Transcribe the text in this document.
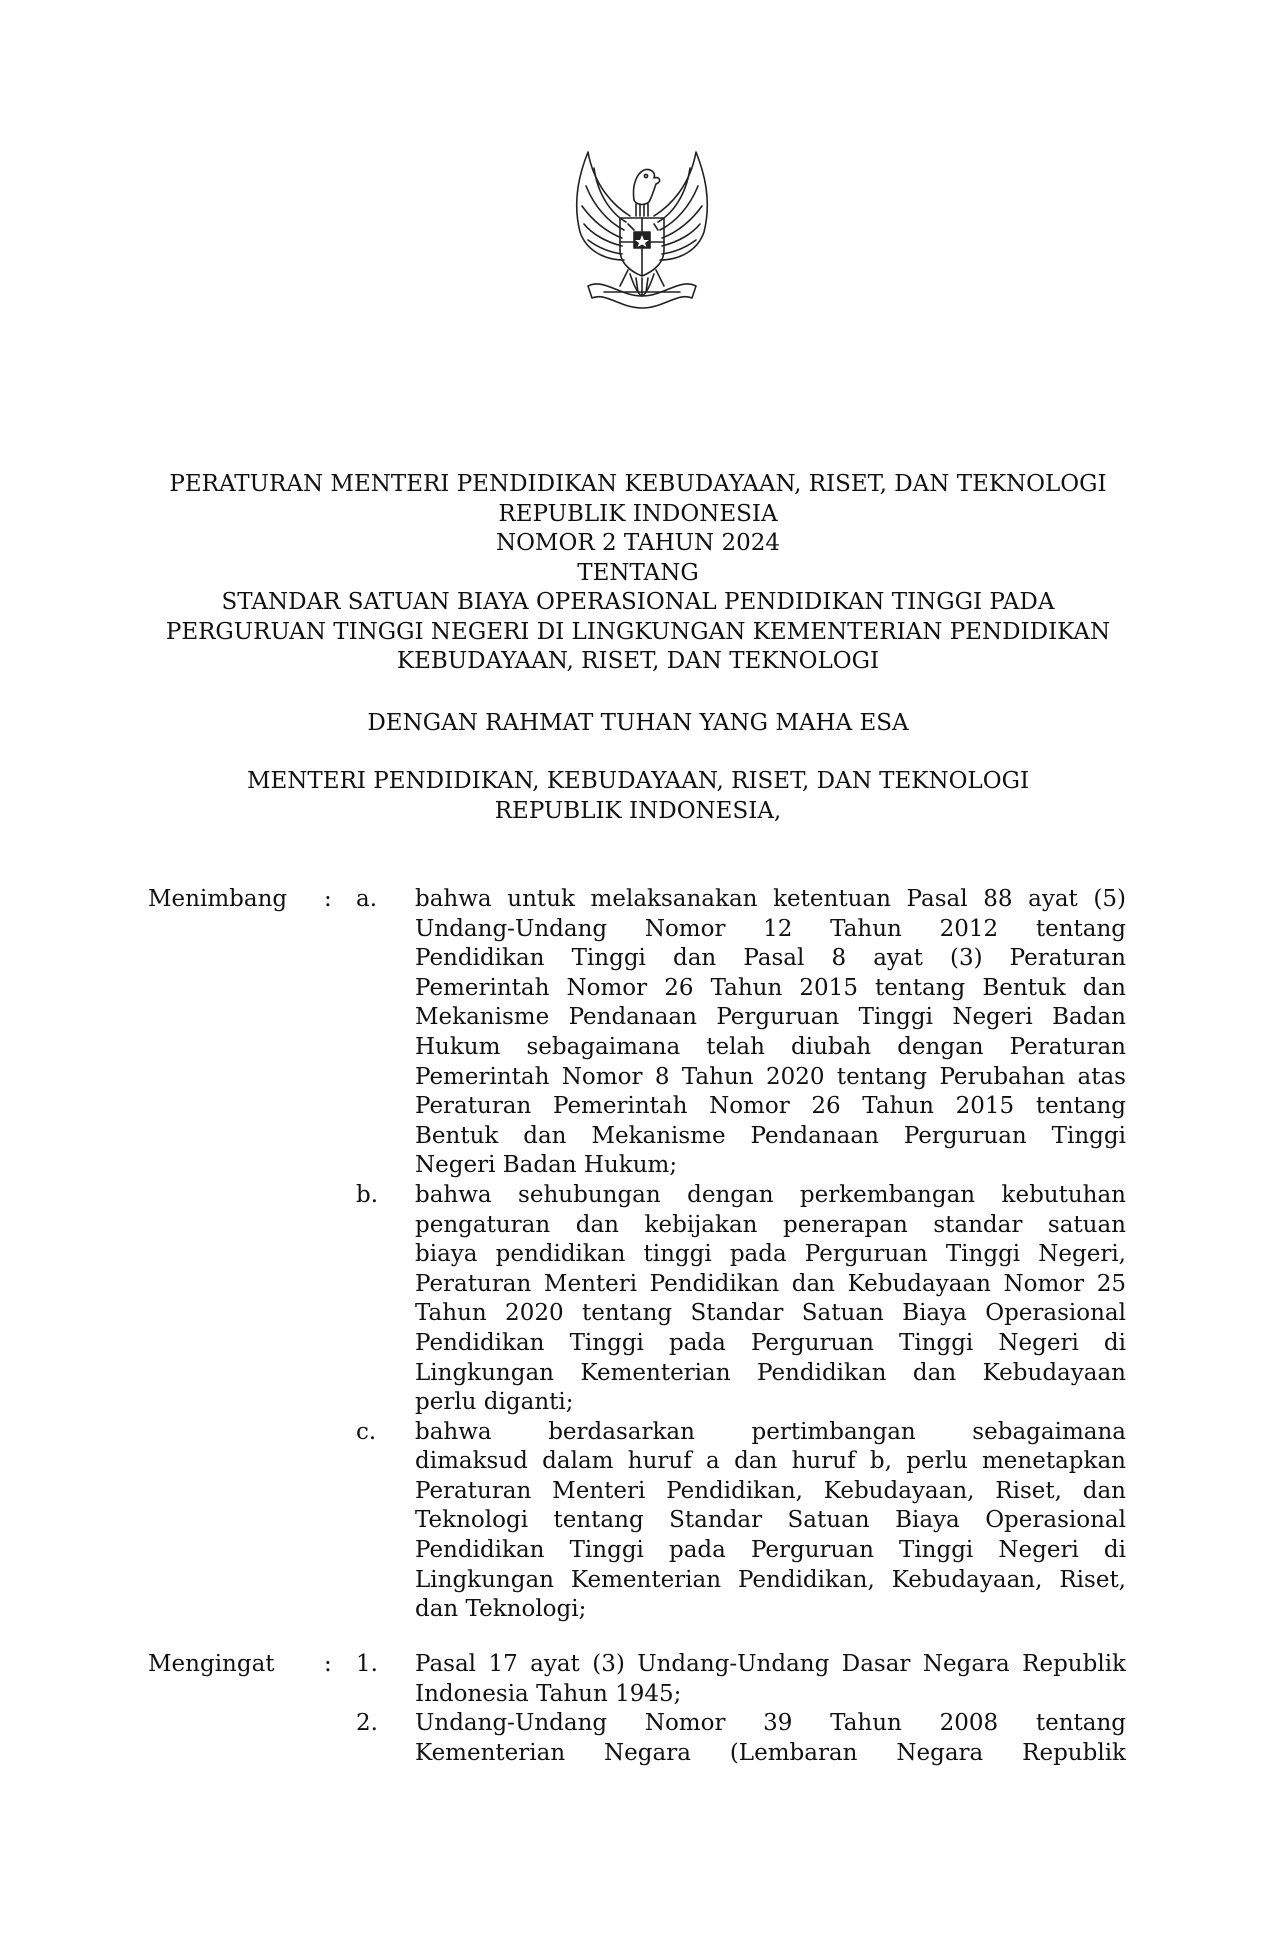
PERATURAN MENTERI PENDIDIKAN KEBUDAYAAN, RISET, DAN TEKNOLOGI
REPUBLIK INDONESIA
NOMOR 2 TAHUN 2024
TENTANG
STANDAR SATUAN BIAYA OPERASIONAL PENDIDIKAN TINGGI PADA
PERGURUAN TINGGI NEGERI DI LINGKUNGAN KEMENTERIAN PENDIDIKAN
KEBUDAYAAN, RISET, DAN TEKNOLOGI
DENGAN RAHMAT TUHAN YANG MAHA ESA
MENTERI PENDIDIKAN, KEBUDAYAAN, RISET, DAN TEKNOLOGI
REPUBLIK INDONESIA,
Menimbang : a. bahwa untuk melaksanakan ketentuan Pasal 88 ayat (5)
Undang-Undang Nomor 12 Tahun 2012 tentang
Pendidikan Tinggi dan Pasal 8 ayat (3) Peraturan
Pemerintah Nomor 26 Tahun 2015 tentang Bentuk dan
Mekanisme Pendanaan Perguruan Tinggi Negeri Badan
Hukum sebagaimana telah diubah dengan Peraturan
Pemerintah Nomor 8 Tahun 2020 tentang Perubahan atas
Peraturan Pemerintah Nomor 26 Tahun 2015 tentang
Bentuk dan Mekanisme Pendanaan Perguruan Tinggi
Negeri Badan Hukum;
b. bahwa sehubungan dengan perkembangan kebutuhan
pengaturan dan kebijakan penerapan standar satuan
biaya pendidikan tinggi pada Perguruan Tinggi Negeri,
Peraturan Menteri Pendidikan dan Kebudayaan Nomor 25
Tahun 2020 tentang Standar Satuan Biaya Operasional
Pendidikan Tinggi pada Perguruan Tinggi Negeri di
Lingkungan Kementerian Pendidikan dan Kebudayaan
perlu diganti;
c. bahwa berdasarkan pertimbangan sebagaimana
dimaksud dalam huruf a dan huruf b, perlu menetapkan
Peraturan Menteri Pendidikan, Kebudayaan, Riset, dan
Teknologi tentang Standar Satuan Biaya Operasional
Pendidikan Tinggi pada Perguruan Tinggi Negeri di
Lingkungan Kementerian Pendidikan, Kebudayaan, Riset,
dan Teknologi;
Mengingat : 1. Pasal 17 ayat (3) Undang-Undang Dasar Negara Republik
Indonesia Tahun 1945;
2. Undang-Undang Nomor 39 Tahun 2008 tentang
Kementerian Negara (Lembaran Negara Republik
